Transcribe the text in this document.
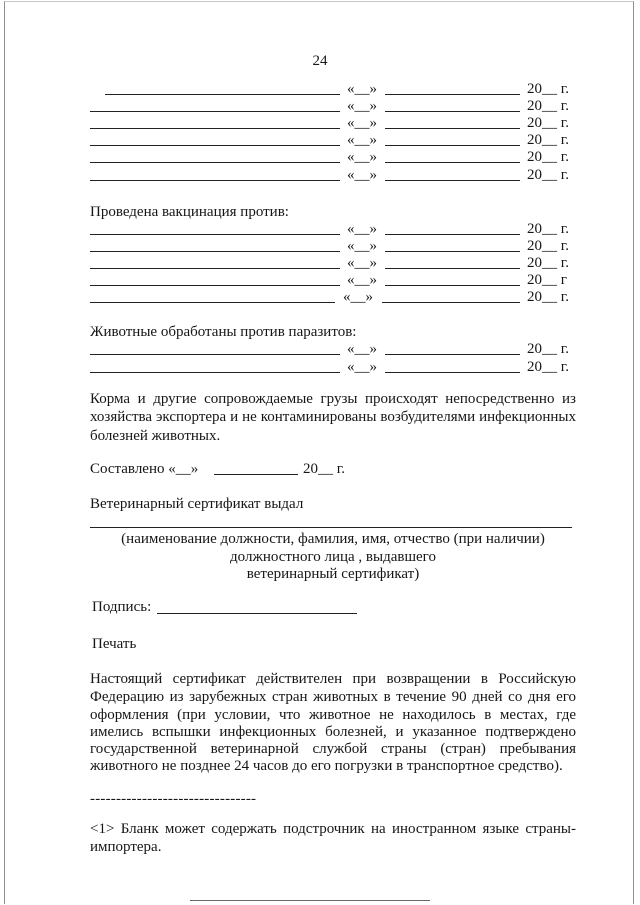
24
«__»	20__ г.
«__»	20__ г.
«__»	20__ г.
«__»	20__ г.
«__»	20__ г.
«__»	20__ г.
Проведена вакцинация против:
«__»	20__ г.
«__»	20__ г.
«__»	20__ г.
«__»	20__ г
«__»	20__ г.
Животные обработаны против паразитов:
«__»	20__ г.
«__»	20__ г.
Корма и другие сопровождаемые грузы происходят непосредственно из
хозяйства экспортера и не контаминированы возбудителями инфекционных
болезней животных.
Составлено «__»	20__ г.
Ветеринарный сертификат выдал
(наименование должности, фамилия, имя, отчество (при наличии)
должностного лица , выдавшего
ветеринарный сертификат)
Подпись:
Печать
Настоящий сертификат действителен при возвращении в Российскую
Федерацию из зарубежных стран животных в течение 90 дней со дня его
оформления (при условии, что животное не находилось в местах, где
имелись вспышки инфекционных болезней, и указанное подтверждено
государственной ветеринарной службой страны (стран) пребывания
животного не позднее 24 часов до его погрузки в транспортное средство).
--------------------------------
<1> Бланк может содержать подстрочник на иностранном языке страны-
импортера.
